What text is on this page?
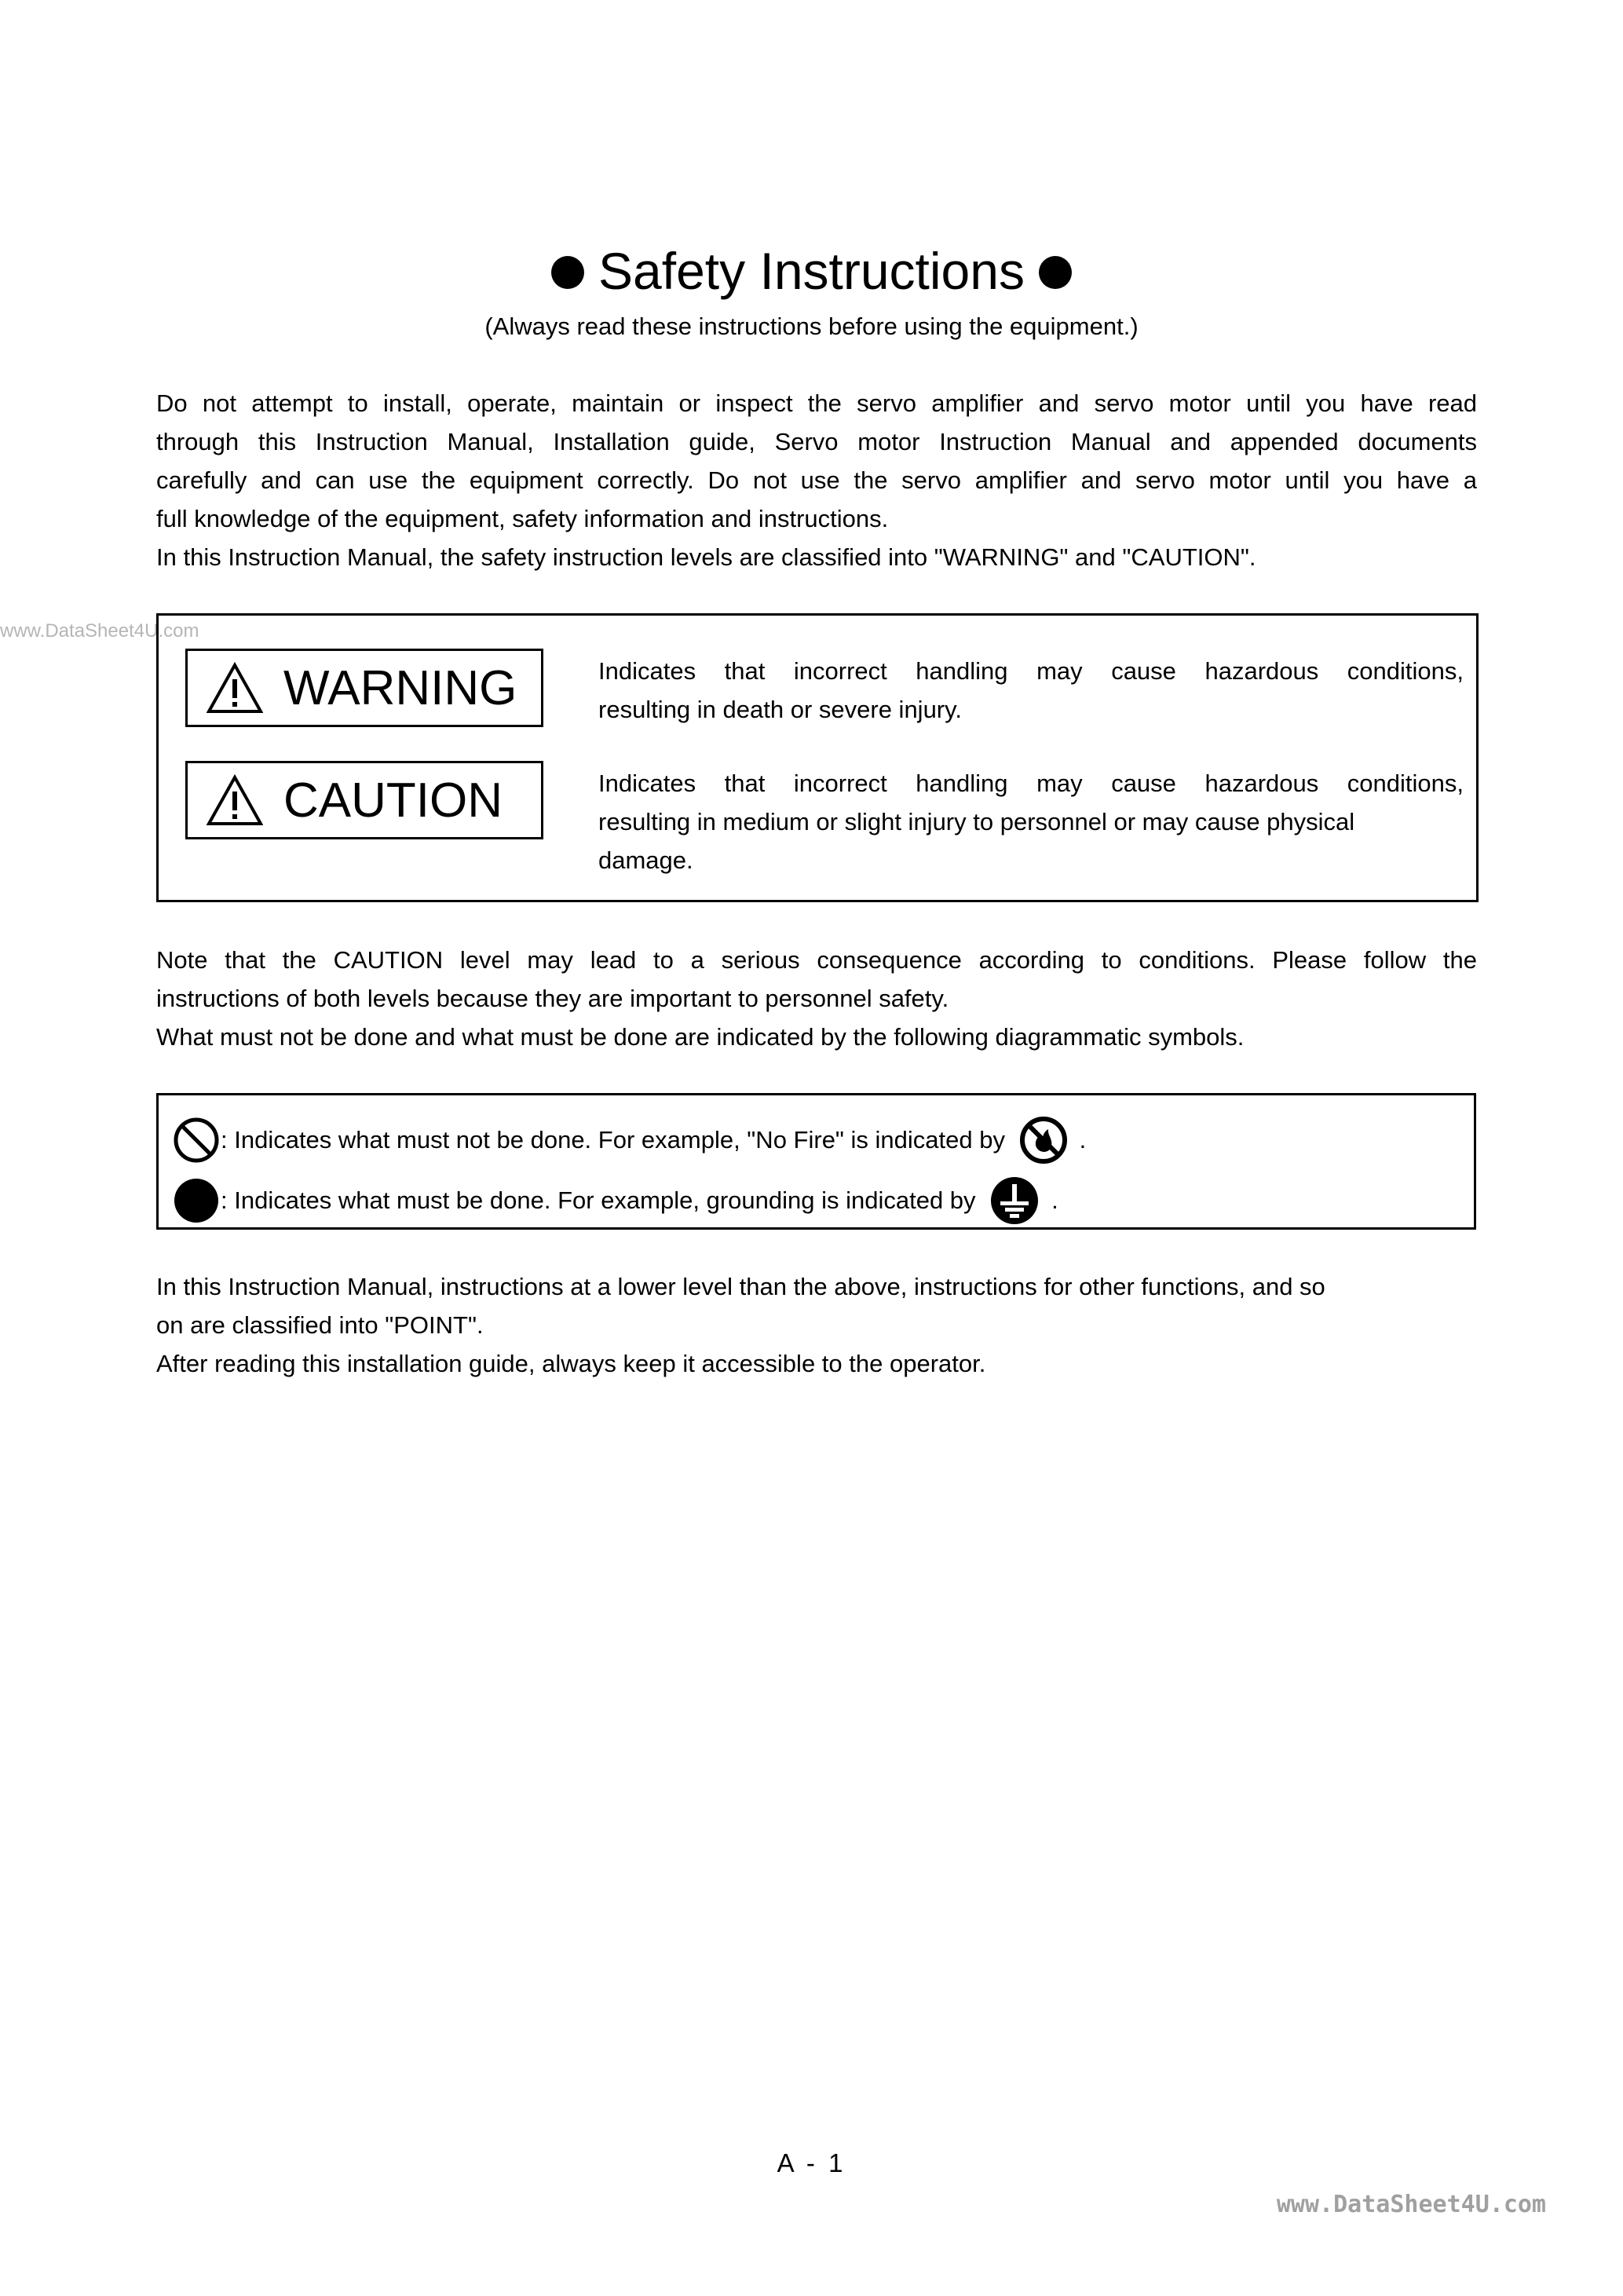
Safety Instructions
(Always read these instructions before using the equipment.)

Do not attempt to install, operate, maintain or inspect the servo amplifier and servo motor until you have read

through this Instruction Manual, Installation guide, Servo motor Instruction Manual and appended documents

carefully and can use the equipment correctly. Do not use the servo amplifier and servo motor until you have a

full knowledge of the equipment, safety information and instructions.

In this Instruction Manual, the safety instruction levels are classified into "WARNING" and "CAUTION".

www.DataSheet4U.com
WARNING	Indicates that incorrect handling may cause hazardous conditions,
resulting in death or severe injury.
CAUTION	Indicates that incorrect handling may cause hazardous conditions,
resulting in medium or slight injury to personnel or may cause physical
damage.

Note that the CAUTION level may lead to a serious consequence according to conditions. Please follow the

instructions of both levels because they are important to personnel safety.

What must not be done and what must be done are indicated by the following diagrammatic symbols.

: Indicates what must not be done. For example, "No Fire" is indicated by	.
: Indicates what must be done. For example, grounding is indicated by	.

In this Instruction Manual, instructions at a lower level than the above, instructions for other functions, and so

on are classified into "POINT".

After reading this installation guide, always keep it accessible to the operator.

A - 1
www.DataSheet4U.com
